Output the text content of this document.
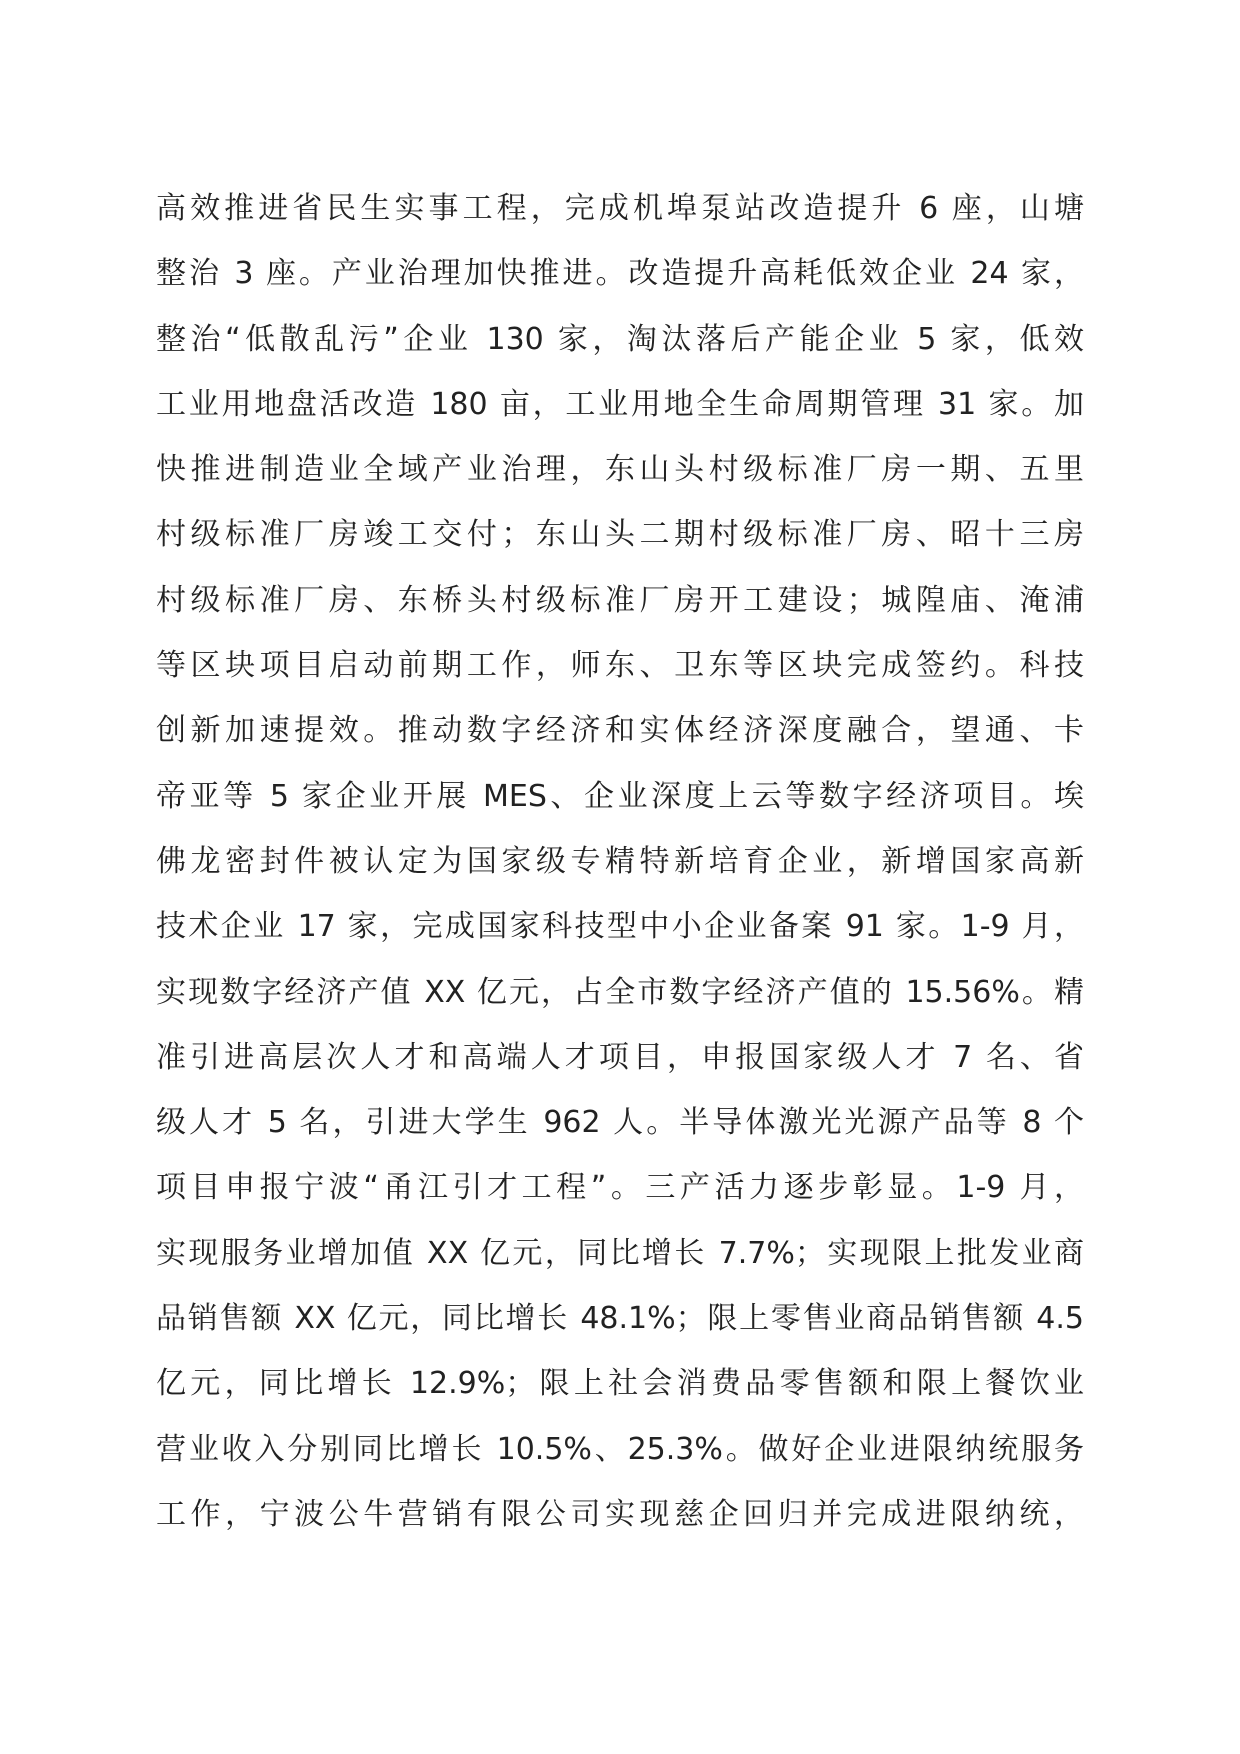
高效推进省民生实事工程，完成机埠泵站改造提升 6 座，山塘
整治 3 座。产业治理加快推进。改造提升高耗低效企业 24 家，
整治“低散乱污”企业 130 家，淘汰落后产能企业 5 家，低效
工业用地盘活改造 180 亩，工业用地全生命周期管理 31 家。加
快推进制造业全域产业治理，东山头村级标准厂房一期、五里
村级标准厂房竣工交付；东山头二期村级标准厂房、昭十三房
村级标准厂房、东桥头村级标准厂房开工建设；城隍庙、淹浦
等区块项目启动前期工作，师东、卫东等区块完成签约。科技
创新加速提效。推动数字经济和实体经济深度融合，望通、卡
帝亚等 5 家企业开展 MES、企业深度上云等数字经济项目。埃
佛龙密封件被认定为国家级专精特新培育企业，新增国家高新
技术企业 17 家，完成国家科技型中小企业备案 91 家。1-9 月，
实现数字经济产值 XX 亿元，占全市数字经济产值的 15.56%。精
准引进高层次人才和高端人才项目，申报国家级人才 7 名、省
级人才 5 名，引进大学生 962 人。半导体激光光源产品等 8 个
项目申报宁波“甬江引才工程”。三产活力逐步彰显。1-9 月，
实现服务业增加值 XX 亿元，同比增长 7.7%；实现限上批发业商
品销售额 XX 亿元，同比增长 48.1%；限上零售业商品销售额 4.5
亿元，同比增长 12.9%；限上社会消费品零售额和限上餐饮业
营业收入分别同比增长 10.5%、25.3%。做好企业进限纳统服务
工作，宁波公牛营销有限公司实现慈企回归并完成进限纳统，
